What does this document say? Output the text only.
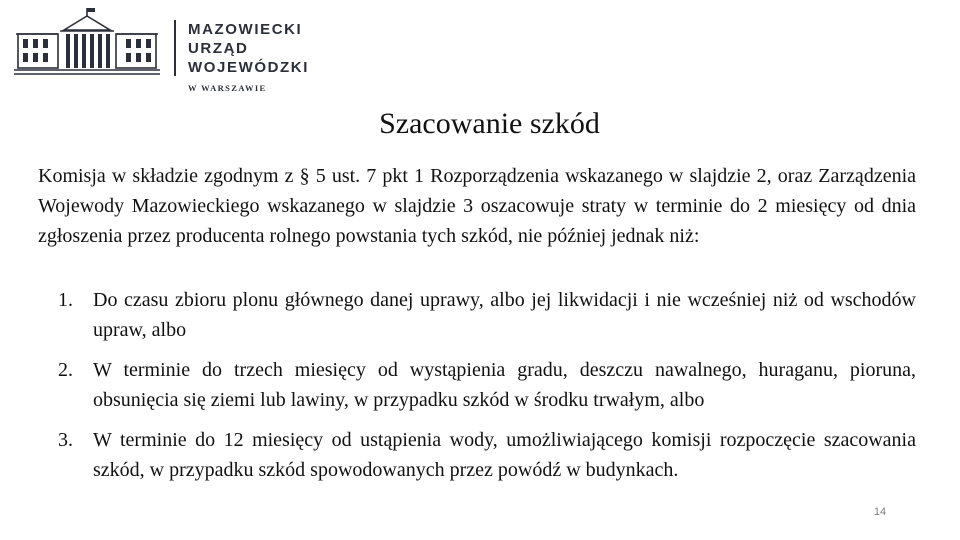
MAZOWIECKI
URZĄD WOJEWÓDZKI
W WARSZAWIE
Szacowanie szkód

Komisja w składzie zgodnym z § 5 ust. 7 pkt 1 Rozporządzenia wskazanego w slajdzie 2, oraz Zarządzenia Wojewody Mazowieckiego wskazanego w slajdzie 3 oszacowuje straty w terminie do 2 miesięcy od dnia zgłoszenia przez producenta rolnego powstania tych szkód, nie później jednak niż:

1. Do czasu zbioru plonu głównego danej uprawy, albo jej likwidacji i nie wcześniej niż od wschodów upraw, albo
2. W terminie do trzech miesięcy od wystąpienia gradu, deszczu nawalnego, huraganu, pioruna, obsunięcia się ziemi lub lawiny, w przypadku szkód w środku trwałym, albo
3. W terminie do 12 miesięcy od ustąpienia wody, umożliwiającego komisji rozpoczęcie szacowania szkód, w przypadku szkód spowodowanych przez powódź w budynkach.
14
